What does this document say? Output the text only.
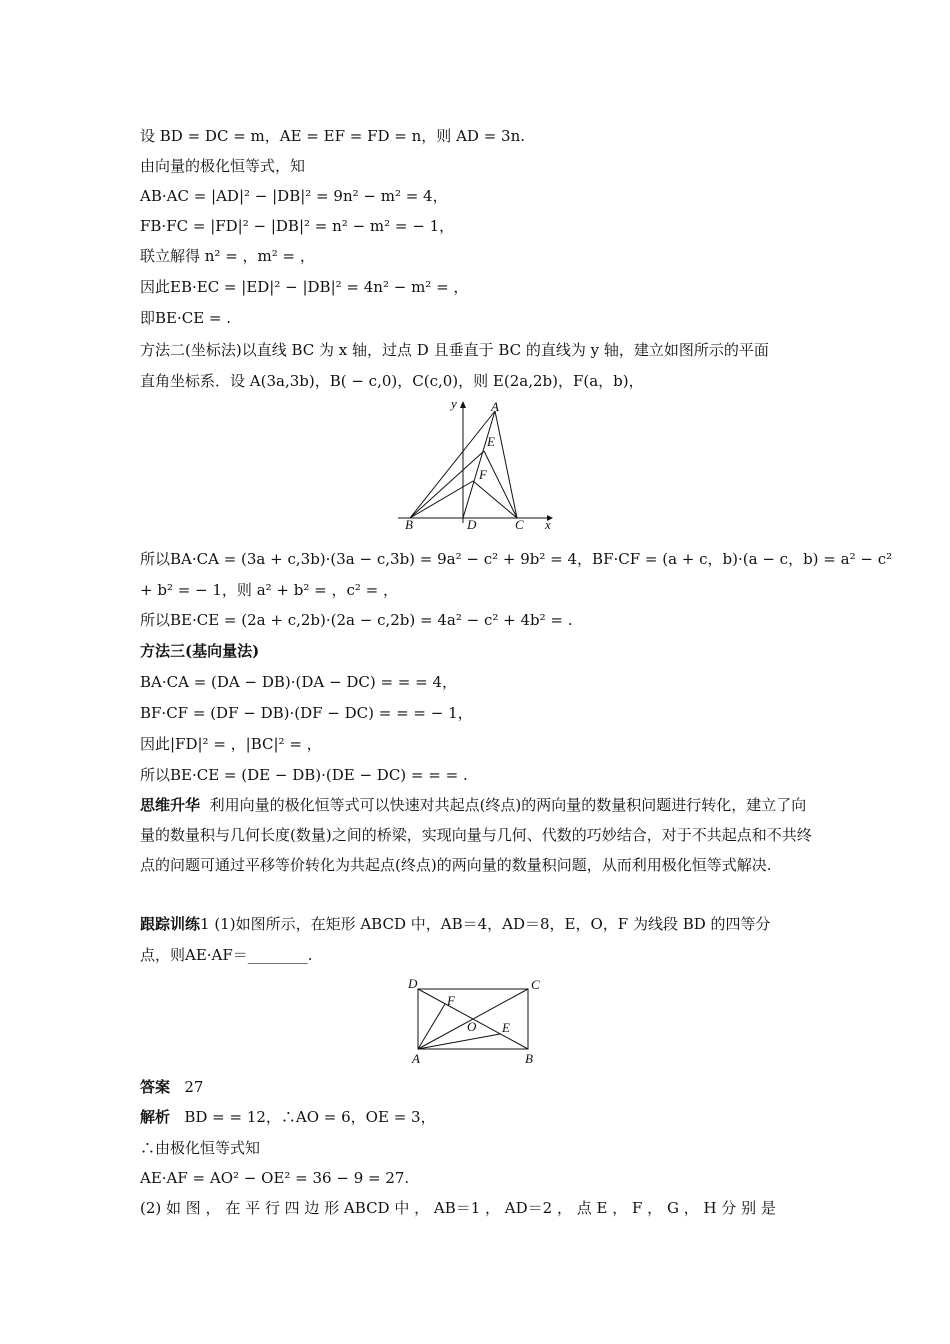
设 BD = DC = m，AE = EF = FD = n，则 AD = 3n.
由向量的极化恒等式，知
AB·AC = |AD|² − |DB|² = 9n² − m² = 4，
FB·FC = |FD|² − |DB|² = n² − m² = − 1，
联立解得 n² = ，m² = ，
因此EB·EC = |ED|² − |DB|² = 4n² − m² = ，
即BE·CE = .
方法二(坐标法)以直线 BC 为 x 轴，过点 D 且垂直于 BC 的直线为 y 轴，建立如图所示的平面
直角坐标系．设 A(3a,3b)，B( − c,0)，C(c,0)，则 E(2a,2b)，F(a，b)，
y	A
E
F
B	D	C x
所以BA·CA = (3a + c,3b)·(3a − c,3b) = 9a² − c² + 9b² = 4，BF·CF = (a + c，b)·(a − c，b) = a² − c²
+ b² = − 1，则 a² + b² = ，c² = ，
所以BE·CE = (2a + c,2b)·(2a − c,2b) = 4a² − c² + 4b² = .
方法三(基向量法)
BA·CA = (DA − DB)·(DA − DC) = = = 4，
BF·CF = (DF − DB)·(DF − DC) = = = − 1，
因此|FD|² = ，|BC|² = ，
所以BE·CE = (DE − DB)·(DE − DC) = = = .
思维升华 利用向量的极化恒等式可以快速对共起点(终点)的两向量的数量积问题进行转化，建立了向量的数量积与几何长度(数量)之间的桥梁，实现向量与几何、代数的巧妙结合，对于不共起点和不共终点的问题可通过平移等价转化为共起点(终点)的两向量的数量积问题，从而利用极化恒等式解决.
跟踪训练1 (1)如图所示，在矩形 ABCD 中，AB＝4，AD＝8，E，O，F 为线段 BD 的四等分
点，则AE·AF＝________.
D	C
F
O E
A	B
答案 27
解析 BD = = 12，∴AO = 6，OE = 3，
∴由极化恒等式知
AE·AF = AO² − OE² = 36 − 9 = 27.
(2) 如 图 ， 在 平 行 四 边 形 ABCD 中 ， AB＝1 ， AD＝2 ， 点 E ， F ， G ， H 分 别 是
